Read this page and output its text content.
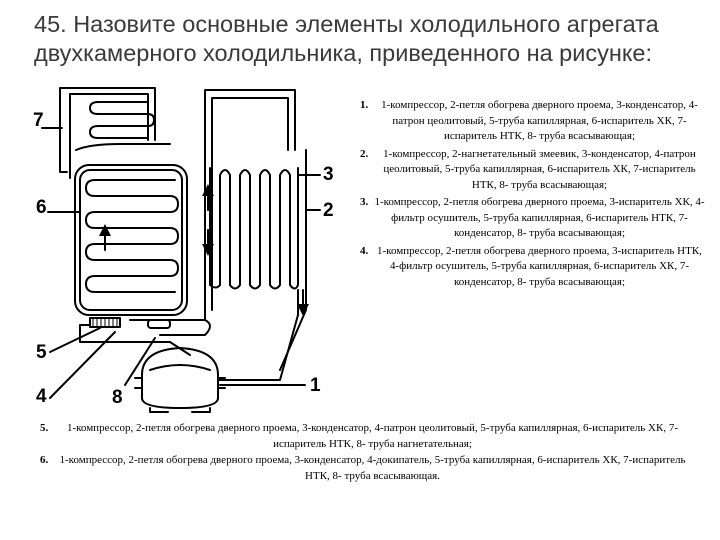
45. Назовите основные элементы холодильного агрегата
двухкамерного холодильника, приведенного на рисунке:
7
6
5
4	8
3
2
1
1.	1-компрессор, 2-петля обогрева дверного проема, 3-конденсатор, 4-патрон цеолитовый, 5-труба капиллярная, 6-испаритель ХК, 7-испаритель НТК, 8- труба всасывающая;
2.	1-компрессор, 2-нагнетательный змеевик, 3-конденсатор, 4-патрон цеолитовый, 5-труба капиллярная, 6-испаритель ХК, 7-испаритель НТК, 8- труба всасывающая;
3. 1-компрессор, 2-петля обогрева дверного проема, 3-испаритель ХК, 4-фильтр осушитель, 5-труба капиллярная, 6-испаритель НТК, 7-конденсатор, 8- труба всасывающая;
4. 1-компрессор, 2-петля обогрева дверного проема, 3-испаритель НТК, 4-фильтр осушитель, 5-труба капиллярная, 6-испаритель ХК, 7-конденсатор, 8- труба всасывающая;
5.	1-компрессор, 2-петля обогрева дверного проема, 3-конденсатор, 4-патрон цеолитовый, 5-труба капиллярная, 6-испаритель ХК, 7-испаритель НТК, 8- труба нагнетательная;
6.	1-компрессор, 2-петля обогрева дверного проема, 3-конденсатор, 4-докипатель, 5-труба капиллярная, 6-испаритель ХК, 7-испаритель НТК, 8- труба всасывающая.
